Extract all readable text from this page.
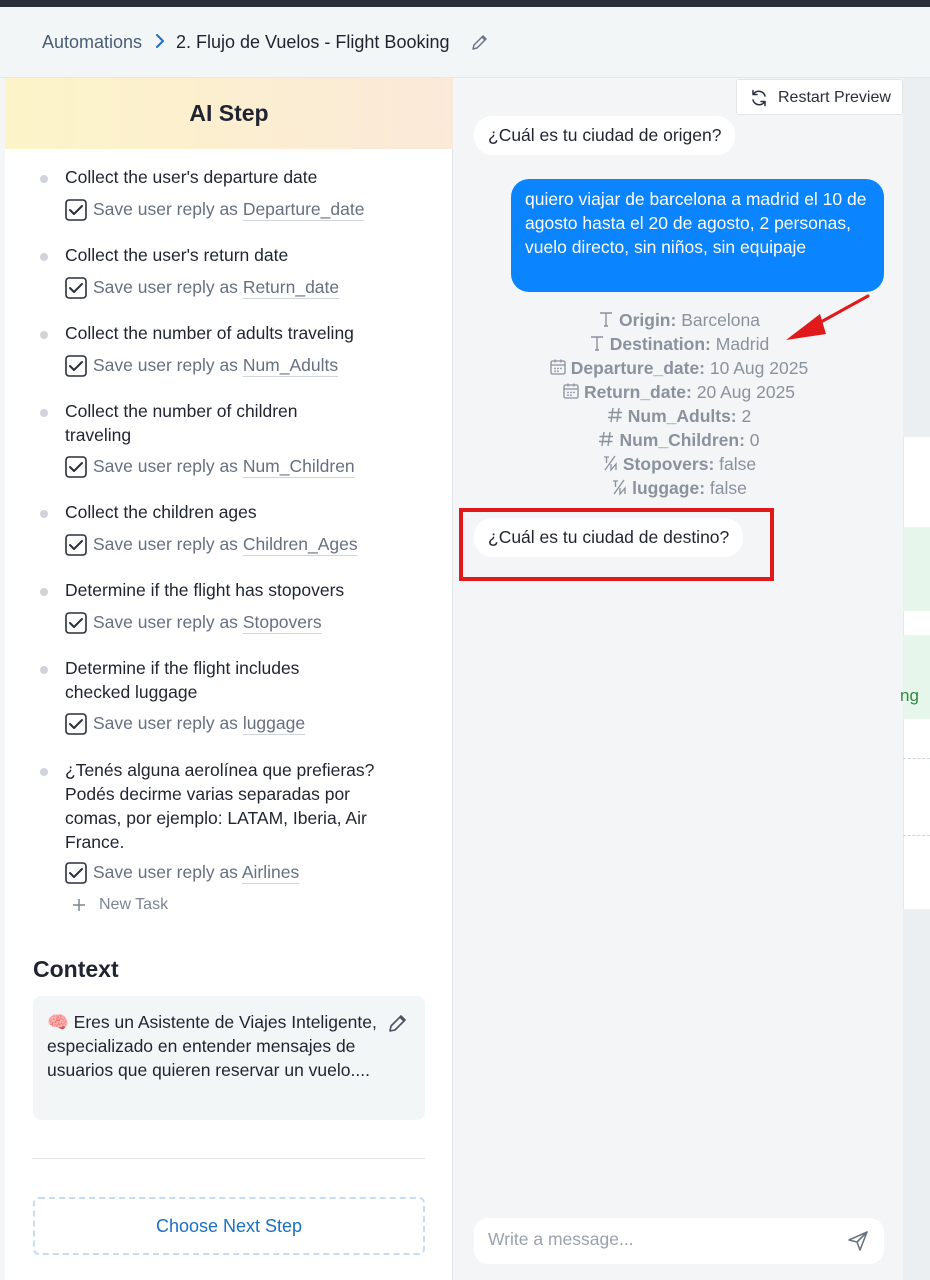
Automations 2. Flujo de Vuelos - Flight Booking
AI Step
Collect the user's departure date
Save user reply as Departure_date
Collect the user's return date
Save user reply as Return_date
Collect the number of adults traveling
Save user reply as Num_Adults
Collect the number of children traveling
Save user reply as Num_Children
Collect the children ages
Save user reply as Children_Ages
Determine if the flight has stopovers
Save user reply as Stopovers
Determine if the flight includes checked luggage
Save user reply as luggage
¿Tenés alguna aerolínea que prefieras? Podés decirme varias separadas por comas, por ejemplo: LATAM, Iberia, Air France.
Save user reply as Airlines
New Task
Context
🧠 Eres un Asistente de Viajes Inteligente, especializado en entender mensajes de usuarios que quieren reservar un vuelo....
Choose Next Step
Restart Preview
¿Cuál es tu ciudad de origen?
quiero viajar de barcelona a madrid el 10 de agosto hasta el 20 de agosto, 2 personas, vuelo directo, sin niños, sin equipaje
Origin: Barcelona
Destination: Madrid
Departure_date: 10 Aug 2025
Return_date: 20 Aug 2025
Num_Adults: 2
Num_Children: 0
Stopovers: false
luggage: false
¿Cuál es tu ciudad de destino?
Write a message...
ng
